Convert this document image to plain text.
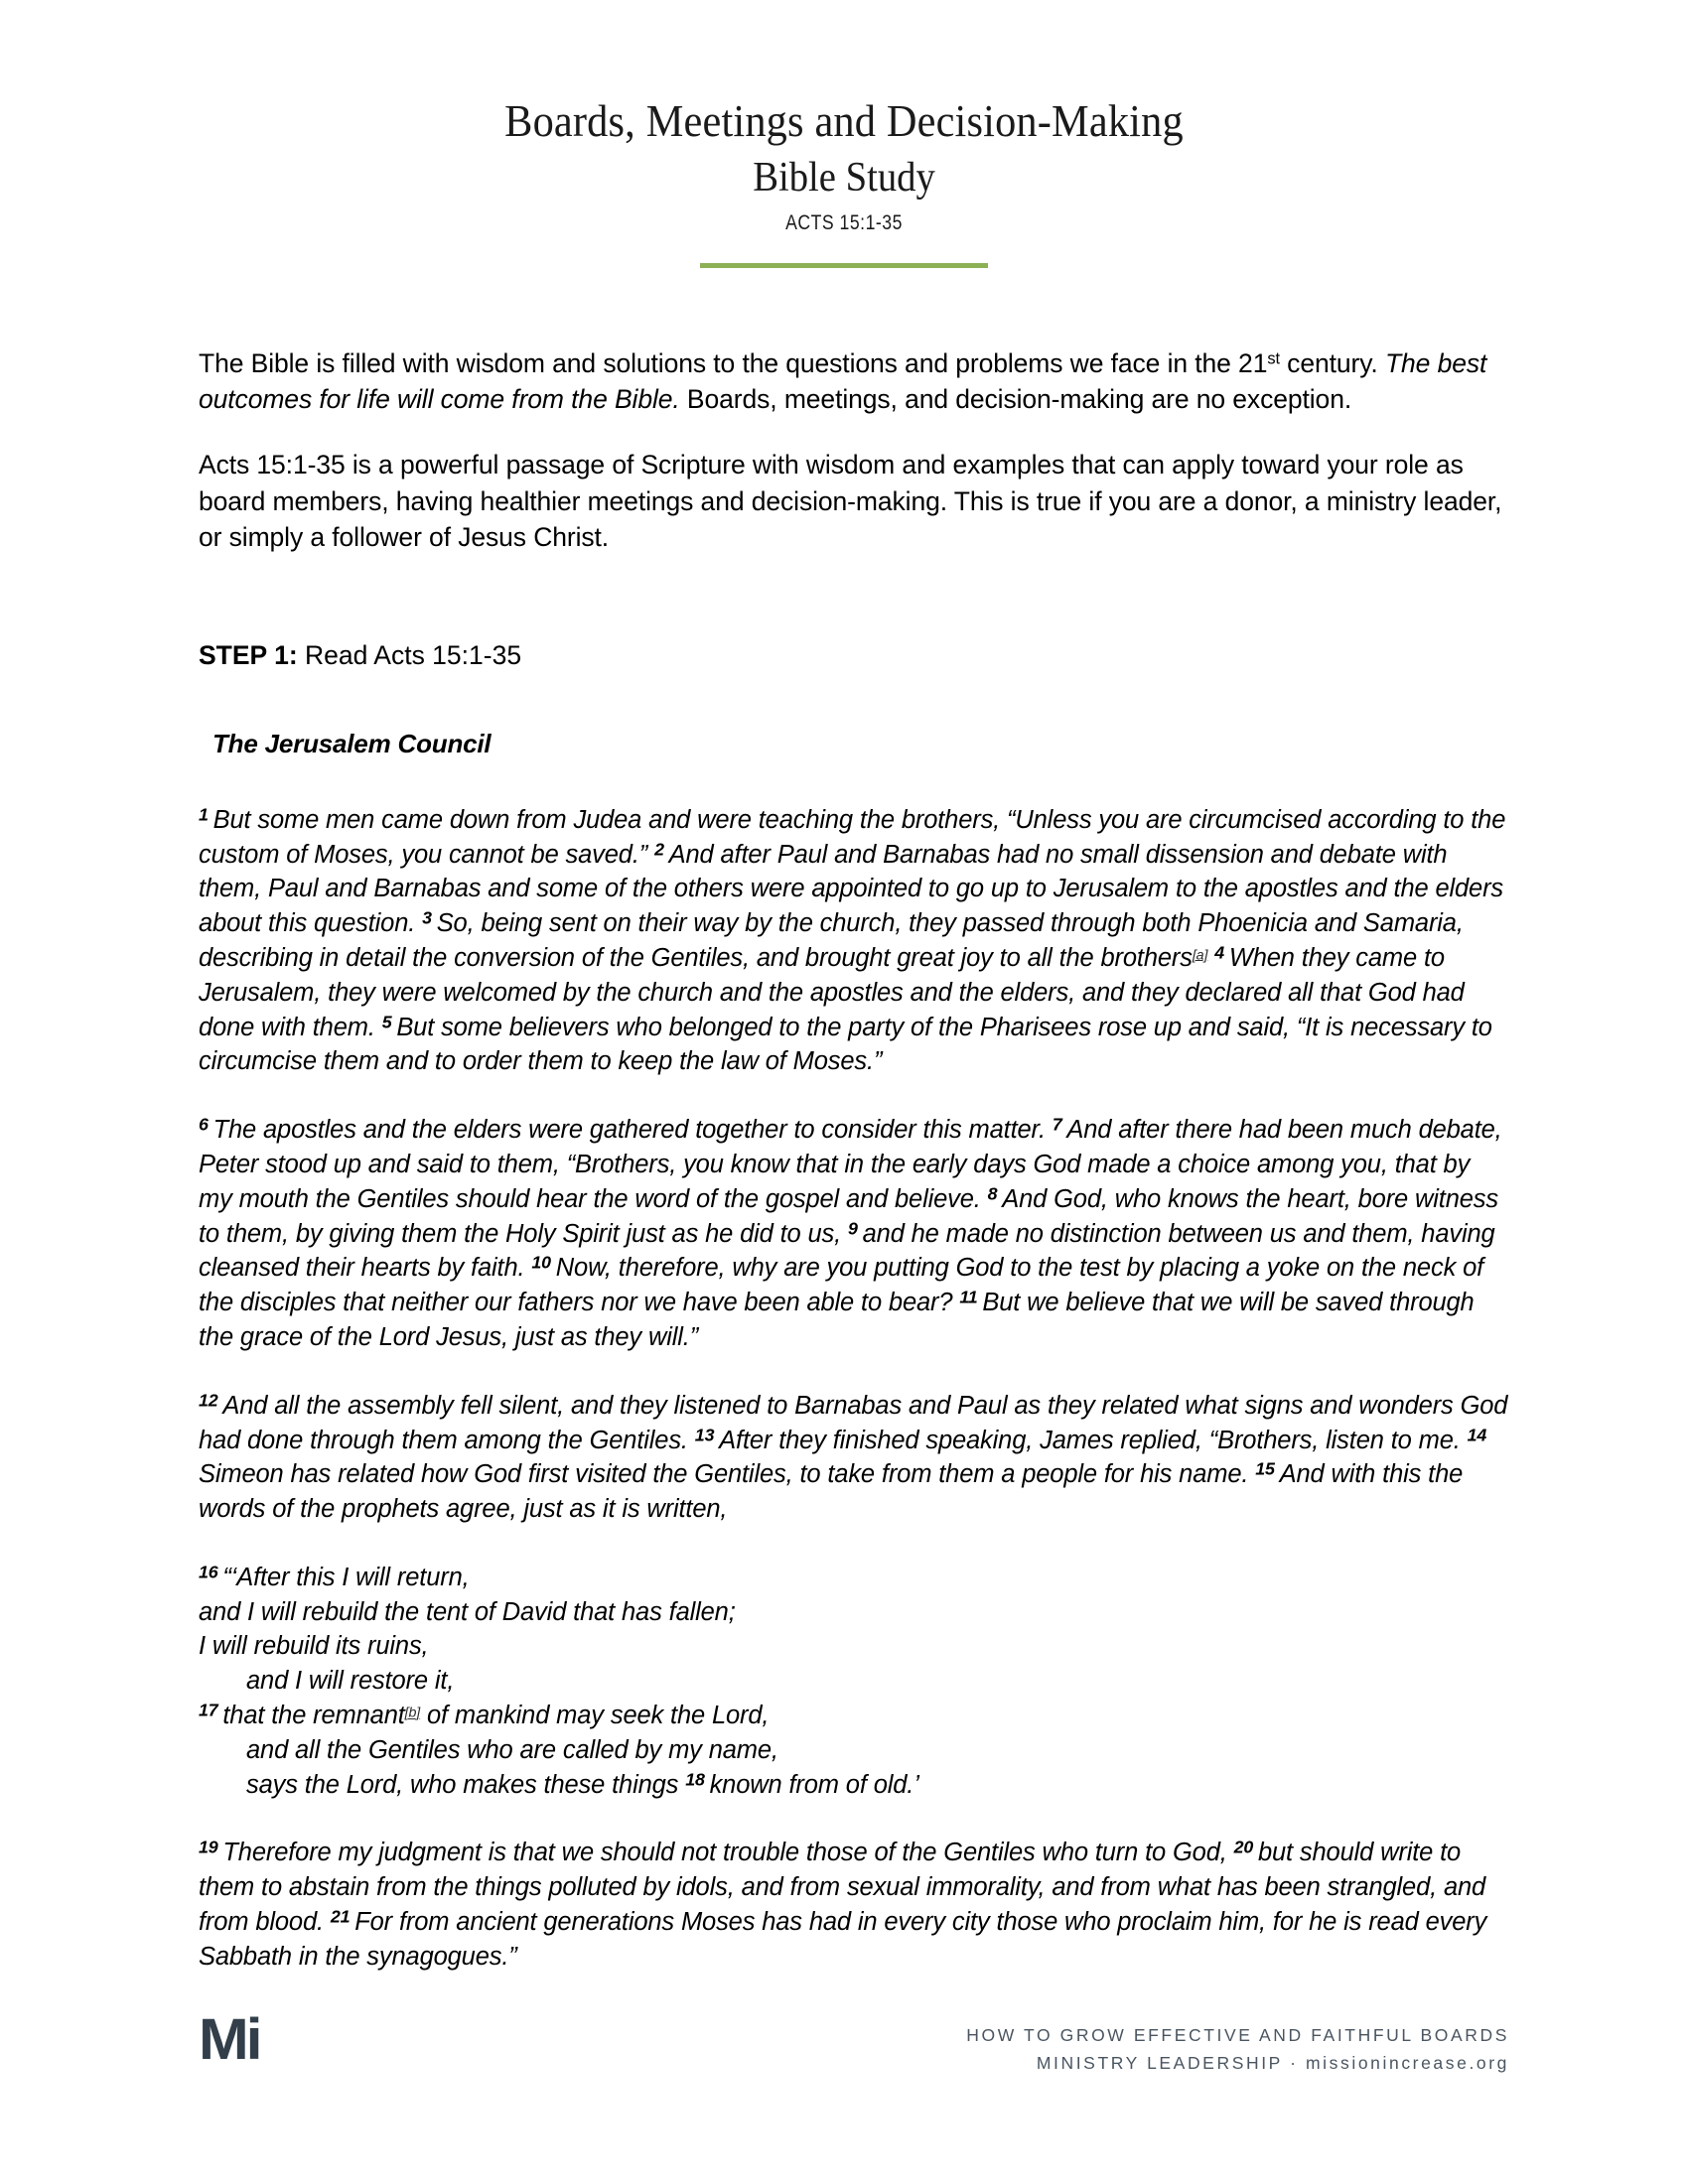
Boards, Meetings and Decision-Making
Bible Study
ACTS 15:1-35

The Bible is filled with wisdom and solutions to the questions and problems we face in the 21st century. The best outcomes for life will come from the Bible. Boards, meetings, and decision-making are no exception.

Acts 15:1-35 is a powerful passage of Scripture with wisdom and examples that can apply toward your role as board members, having healthier meetings and decision-making. This is true if you are a donor, a ministry leader, or simply a follower of Jesus Christ.

STEP 1: Read Acts 15:1-35
The Jerusalem Council

$^1$ But some men came down from Judea and were teaching the brothers, “Unless you are circumcised according to the custom of Moses, you cannot be saved.” $^2$ And after Paul and Barnabas had no small dissension and debate with them, Paul and Barnabas and some of the others were appointed to go up to Jerusalem to the apostles and the elders about this question. $^3$ So, being sent on their way by the church, they passed through both Phoenicia and Samaria, describing in detail the conversion of the Gentiles, and brought great joy to all the brothers[a] $^4$ When they came to Jerusalem, they were welcomed by the church and the apostles and the elders, and they declared all that God had done with them. $^5$ But some believers who belonged to the party of the Pharisees rose up and said, “It is necessary to circumcise them and to order them to keep the law of Moses.”

$^6$ The apostles and the elders were gathered together to consider this matter. $^7$ And after there had been much debate, Peter stood up and said to them, “Brothers, you know that in the early days God made a choice among you, that by my mouth the Gentiles should hear the word of the gospel and believe. $^8$ And God, who knows the heart, bore witness to them, by giving them the Holy Spirit just as he did to us, $^9$ and he made no distinction between us and them, having cleansed their hearts by faith. $^{10}$ Now, therefore, why are you putting God to the test by placing a yoke on the neck of the disciples that neither our fathers nor we have been able to bear? $^{11}$ But we believe that we will be saved through the grace of the Lord Jesus, just as they will.”

$^{12}$ And all the assembly fell silent, and they listened to Barnabas and Paul as they related what signs and wonders God had done through them among the Gentiles. $^{13}$ After they finished speaking, James replied, “Brothers, listen to me. $^{14}$ Simeon has related how God first visited the Gentiles, to take from them a people for his name. $^{15}$ And with this the words of the prophets agree, just as it is written,

$^{16}$ “‘After this I will return,
and I will rebuild the tent of David that has fallen;
I will rebuild its ruins,
and I will restore it,
$^{17}$ that the remnant[b] of mankind may seek the Lord,
and all the Gentiles who are called by my name,
says the Lord, who makes these things $^{18}$ known from of old.’

$^{19}$ Therefore my judgment is that we should not trouble those of the Gentiles who turn to God, $^{20}$ but should write to them to abstain from the things polluted by idols, and from sexual immorality, and from what has been strangled, and from blood. $^{21}$ For from ancient generations Moses has had in every city those who proclaim him, for he is read every Sabbath in the synagogues.”

Mi	HOW TO GROW EFFECTIVE AND FAITHFUL BOARDS
MINISTRY LEADERSHIP · missionincrease.org
